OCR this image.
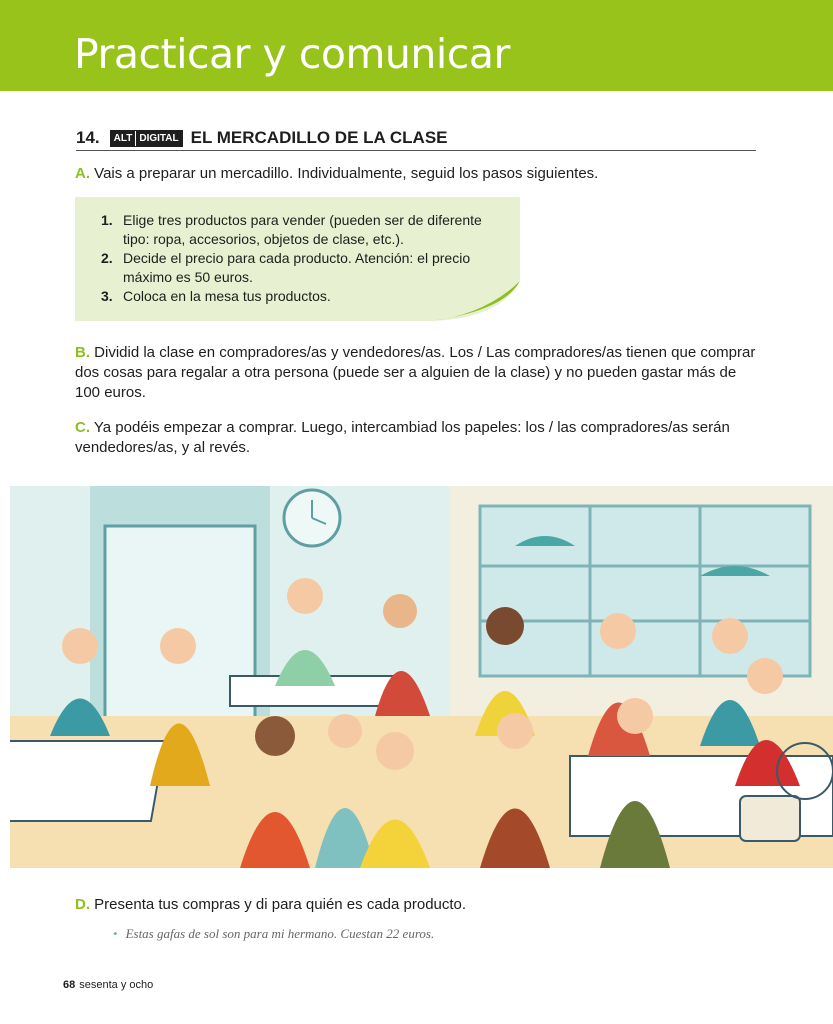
Practicar y comunicar
14.	ALT DIGITAL EL MERCADILLO DE LA CLASE
A. Vais a preparar un mercadillo. Individualmente, seguid los pasos siguientes.
1. Elige tres productos para vender (pueden ser de diferente tipo: ropa, accesorios, objetos de clase, etc.).
2. Decide el precio para cada producto. Atención: el precio máximo es 50 euros.
3. Coloca en la mesa tus productos.
B. Dividid la clase en compradores/as y vendedores/as. Los / Las compradores/as tienen que comprar dos cosas para regalar a otra persona (puede ser a alguien de la clase) y no pueden gastar más de 100 euros.
C. Ya podéis empezar a comprar. Luego, intercambiad los papeles: los / las compradores/as serán vendedores/as, y al revés.
D. Presenta tus compras y di para quién es cada producto.
• Estas gafas de sol son para mi hermano. Cuestan 22 euros.
68 sesenta y ocho
